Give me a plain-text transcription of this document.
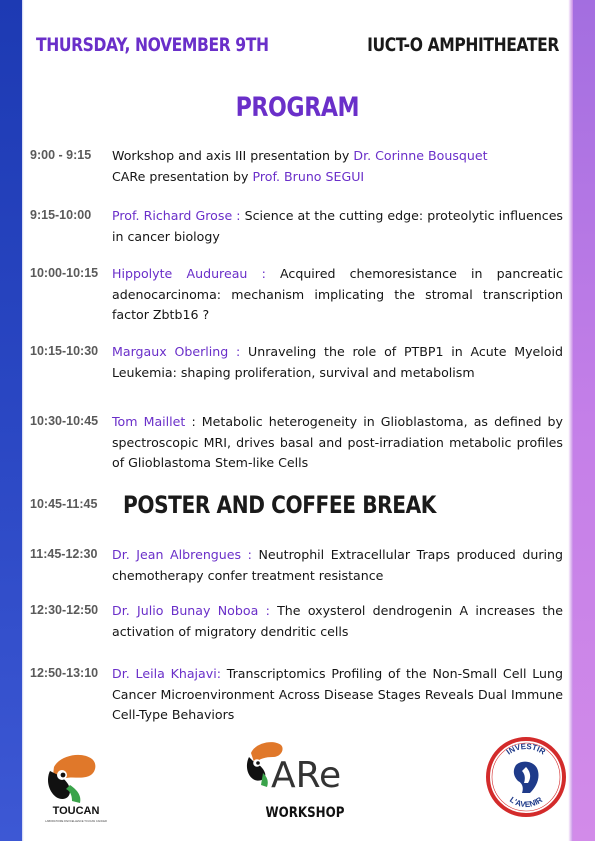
THURSDAY, NOVEMBER 9TH	IUCT-O AMPHITHEATER
PROGRAM
9:00 - 9:15	Workshop and axis III presentation by Dr. Corinne Bousquet
CARe presentation by Prof. Bruno SEGUI
9:15-10:00	Prof. Richard Grose : Science at the cutting edge: proteolytic influences in cancer biology
10:00-10:15	Hippolyte Audureau : Acquired chemoresistance in pancreatic adenocarcinoma: mechanism implicating the stromal transcription factor Zbtb16 ?
10:15-10:30	Margaux Oberling : Unraveling the role of PTBP1 in Acute Myeloid Leukemia: shaping proliferation, survival and metabolism
10:30-10:45	Tom Maillet : Metabolic heterogeneity in Glioblastoma, as defined by spectroscopic MRI, drives basal and post-irradiation metabolic profiles of Glioblastoma Stem-like Cells
10:45-11:45	POSTER AND COFFEE BREAK
11:45-12:30	Dr. Jean Albrengues : Neutrophil Extracellular Traps produced during chemotherapy confer treatment resistance
12:30-12:50	Dr. Julio Bunay Noboa : The oxysterol dendrogenin A increases the activation of migratory dendritic cells
12:50-13:10	Dr. Leila Khajavi: Transcriptomics Profiling of the Non-Small Cell Lung Cancer Microenvironment Across Disease Stages Reveals Dual Immune Cell-Type Behaviors
TOUCAN
LABORATOIRE D'EXCELLENCE TOUCAN CANCER
ARe
WORKSHOP
INVESTIR
L'AVENIR
